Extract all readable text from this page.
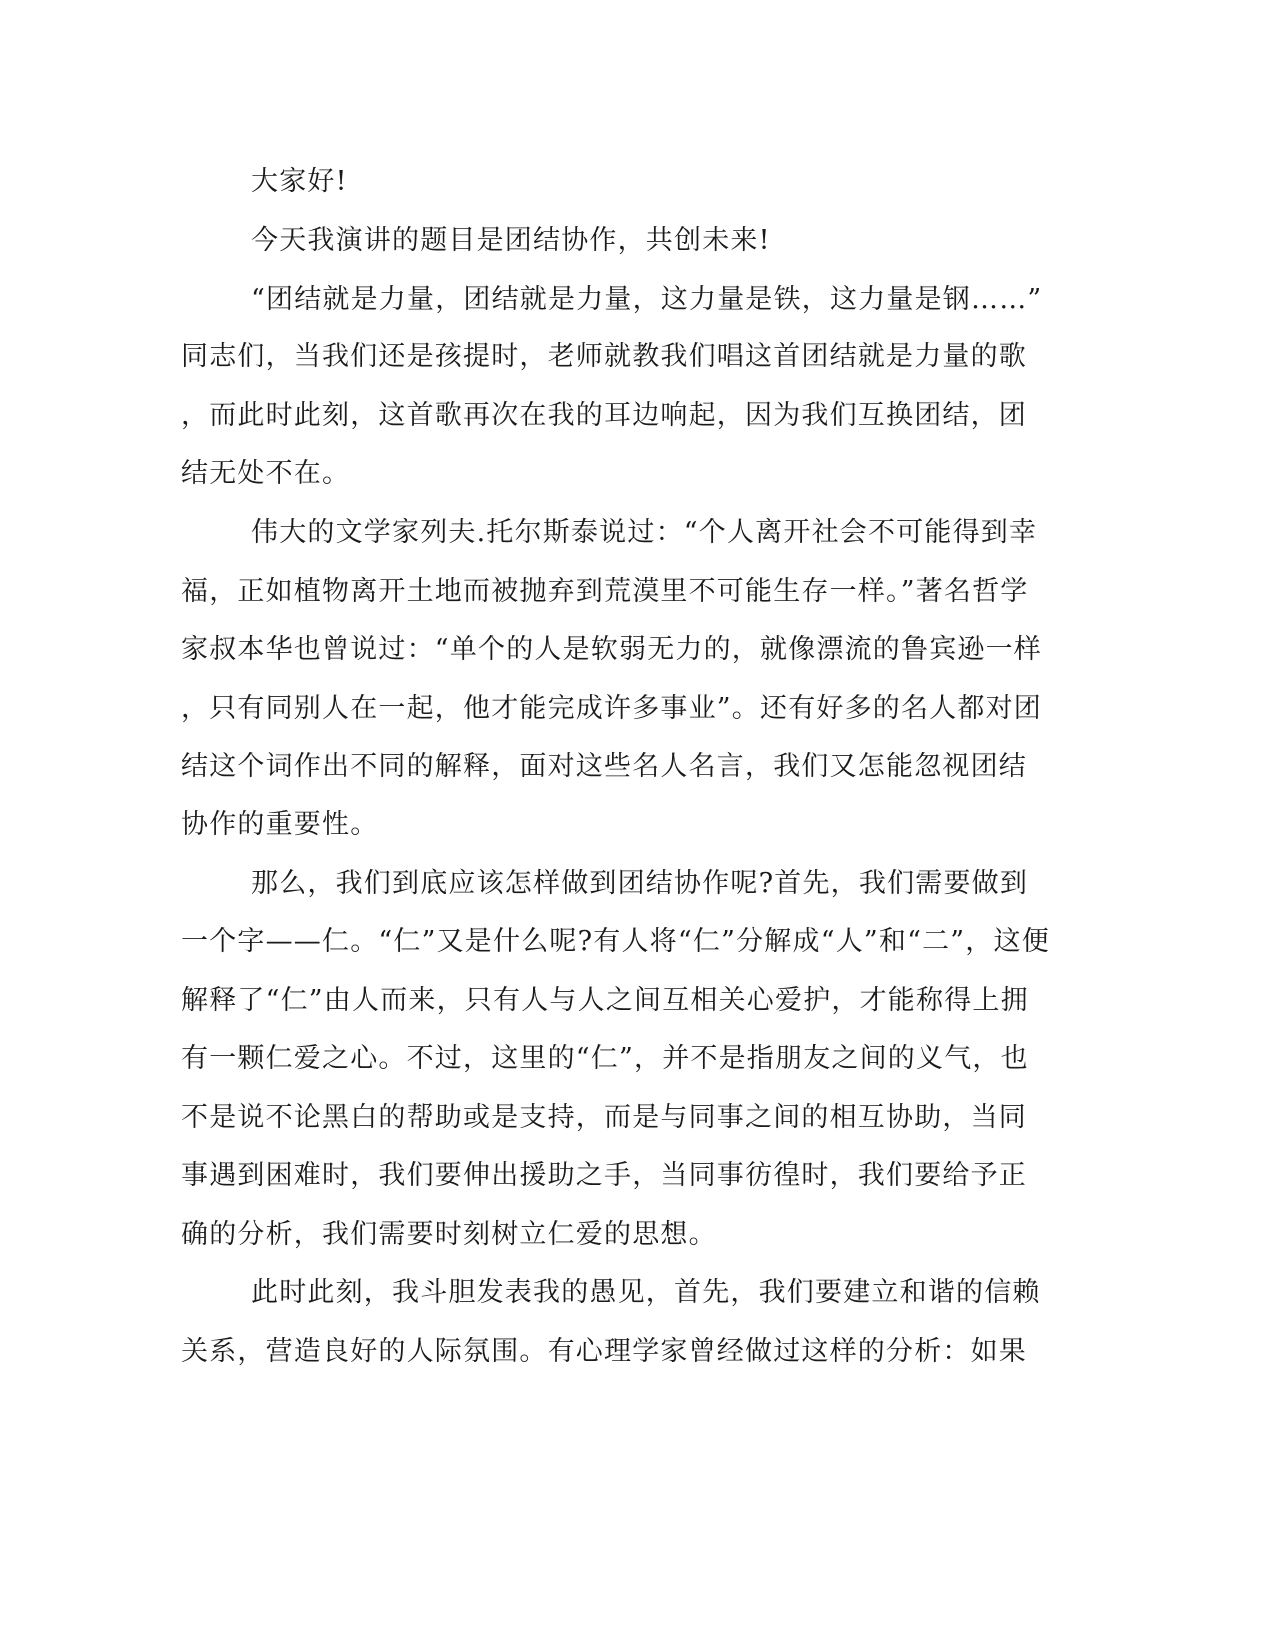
大家好!
今天我演讲的题目是团结协作，共创未来!
“团结就是力量，团结就是力量，这力量是铁，这力量是钢……”
同志们，当我们还是孩提时，老师就教我们唱这首团结就是力量的歌
，而此时此刻，这首歌再次在我的耳边响起，因为我们互换团结，团
结无处不在。
伟大的文学家列夫.托尔斯泰说过：“个人离开社会不可能得到幸
福，正如植物离开土地而被抛弃到荒漠里不可能生存一样。”著名哲学
家叔本华也曾说过：“单个的人是软弱无力的，就像漂流的鲁宾逊一样
，只有同别人在一起，他才能完成许多事业”。还有好多的名人都对团
结这个词作出不同的解释，面对这些名人名言，我们又怎能忽视团结
协作的重要性。
那么，我们到底应该怎样做到团结协作呢?首先，我们需要做到
一个字——仁。“仁”又是什么呢?有人将“仁”分解成“人”和“二”，这便
解释了“仁”由人而来，只有人与人之间互相关心爱护，才能称得上拥
有一颗仁爱之心。不过，这里的“仁”，并不是指朋友之间的义气，也
不是说不论黑白的帮助或是支持，而是与同事之间的相互协助，当同
事遇到困难时，我们要伸出援助之手，当同事彷徨时，我们要给予正
确的分析，我们需要时刻树立仁爱的思想。
此时此刻，我斗胆发表我的愚见，首先，我们要建立和谐的信赖
关系，营造良好的人际氛围。有心理学家曾经做过这样的分析：如果
